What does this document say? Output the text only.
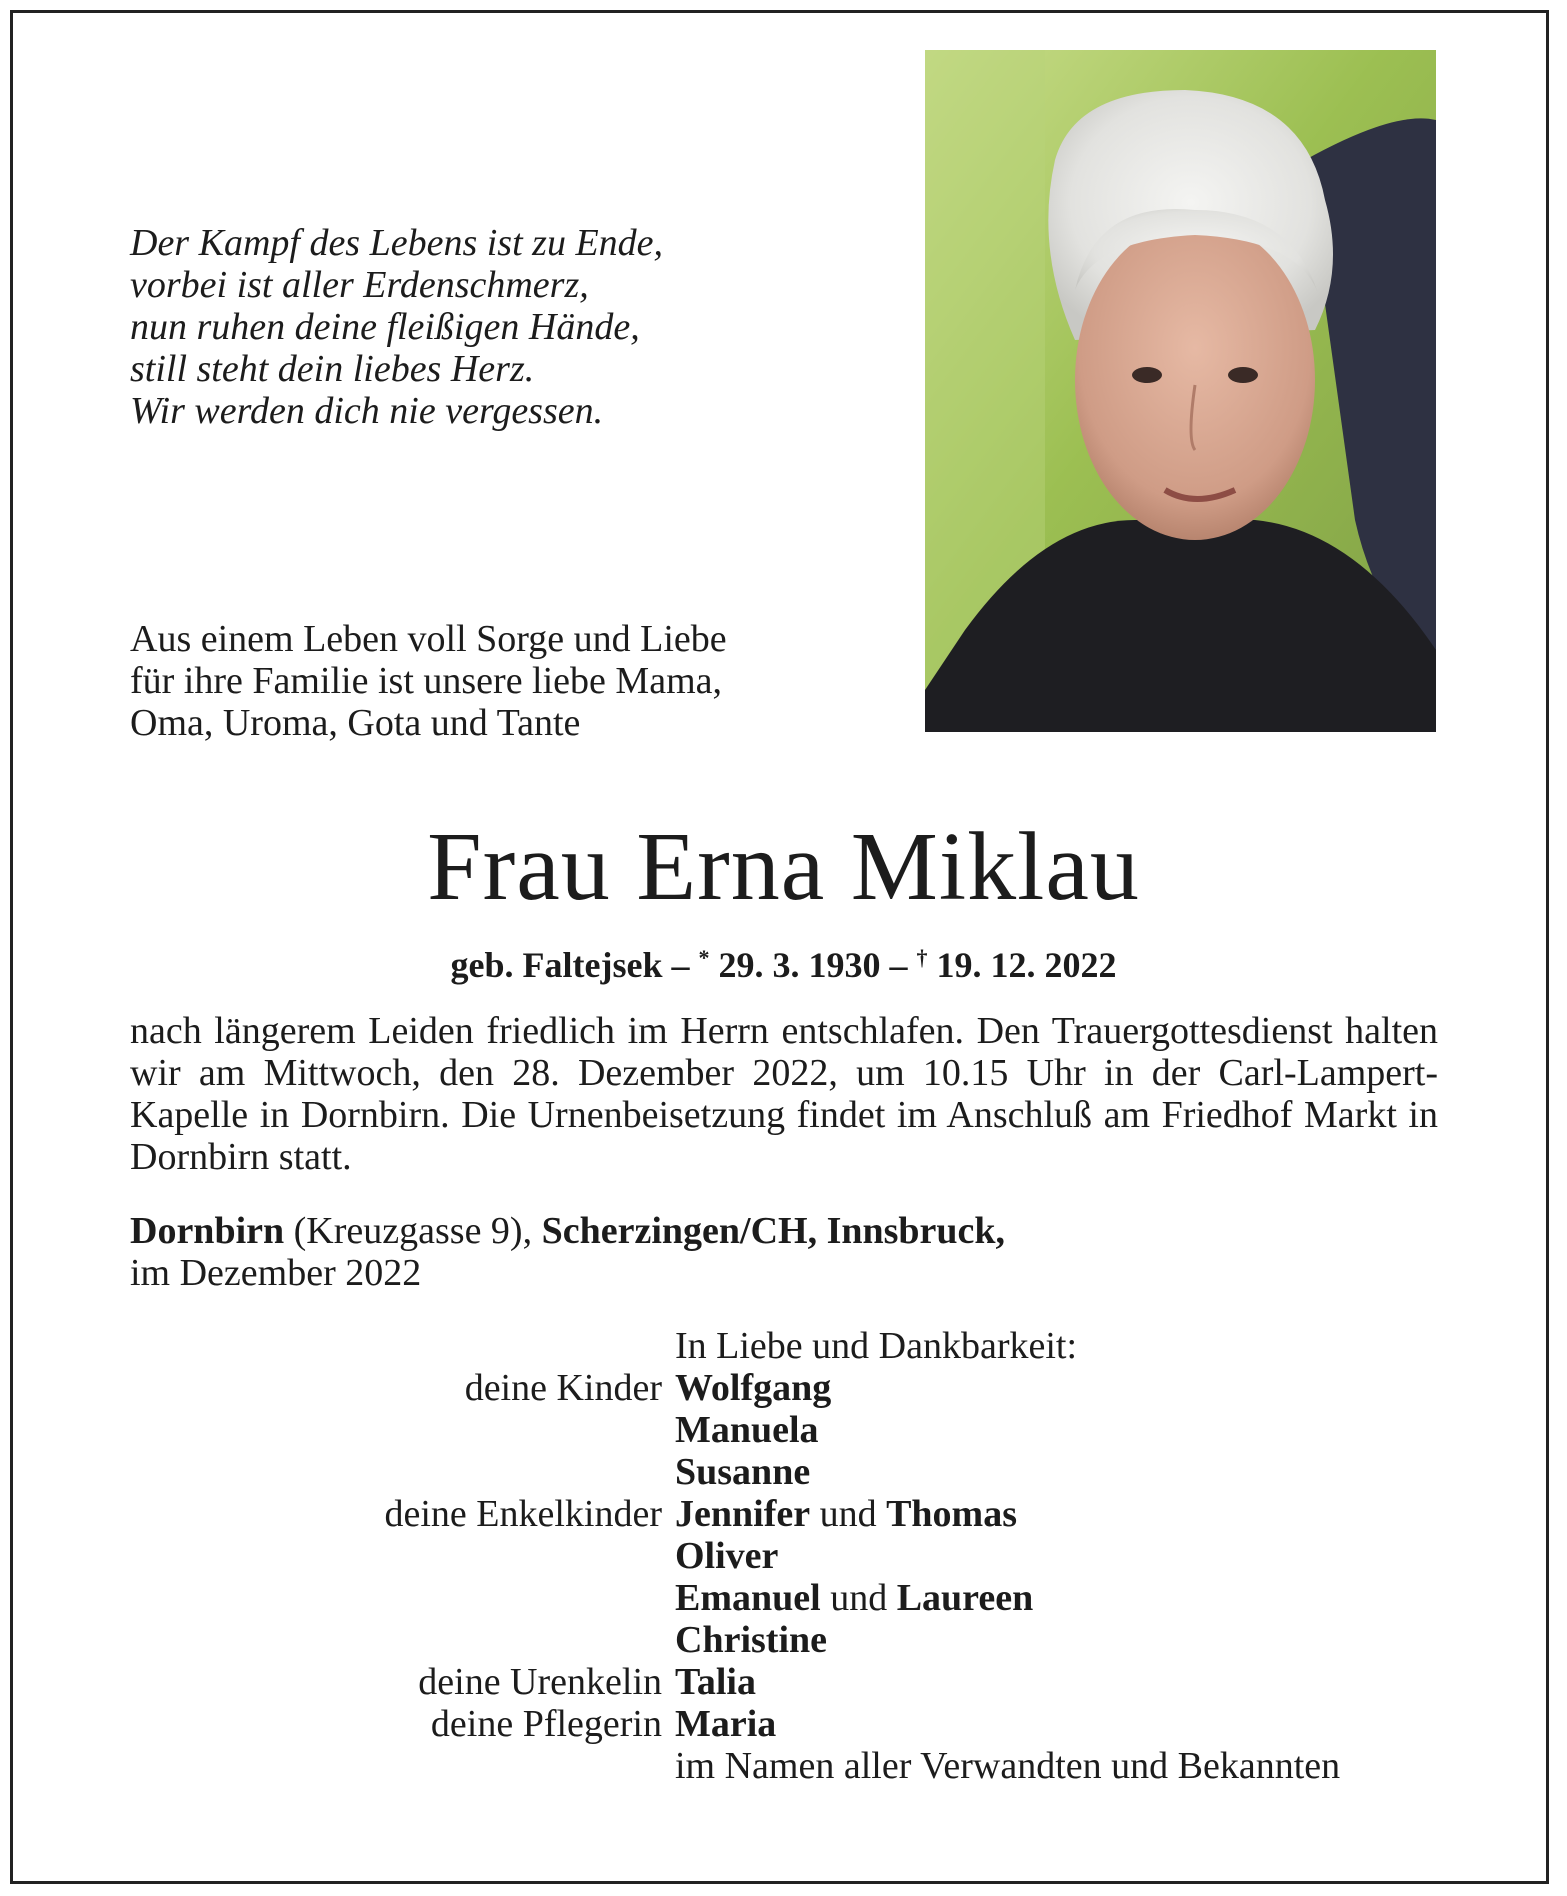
Der Kampf des Lebens ist zu Ende,
vorbei ist aller Erdenschmerz,
nun ruhen deine fleißigen Hände,
still steht dein liebes Herz.
Wir werden dich nie vergessen.
Aus einem Leben voll Sorge und Liebe
für ihre Familie ist unsere liebe Mama,
Oma, Uroma, Gota und Tante
Frau Erna Miklau
geb. Faltejsek – * 29. 3. 1930 – † 19. 12. 2022
nach längerem Leiden friedlich im Herrn entschlafen. Den Trauergottesdienst halten wir am Mittwoch, den 28. Dezember 2022, um 10.15 Uhr in der Carl-Lampert-Kapelle in Dornbirn. Die Urnenbeisetzung findet im Anschluß am Friedhof Markt in Dornbirn statt.
Dornbirn (Kreuzgasse 9), Scherzingen/CH, Innsbruck,
im Dezember 2022
In Liebe und Dankbarkeit:
deine Kinder Wolfgang
Manuela
Susanne
deine Enkelkinder Jennifer und Thomas
Oliver
Emanuel und Laureen
Christine
deine Urenkelin Talia
deine Pflegerin Maria
im Namen aller Verwandten und Bekannten
